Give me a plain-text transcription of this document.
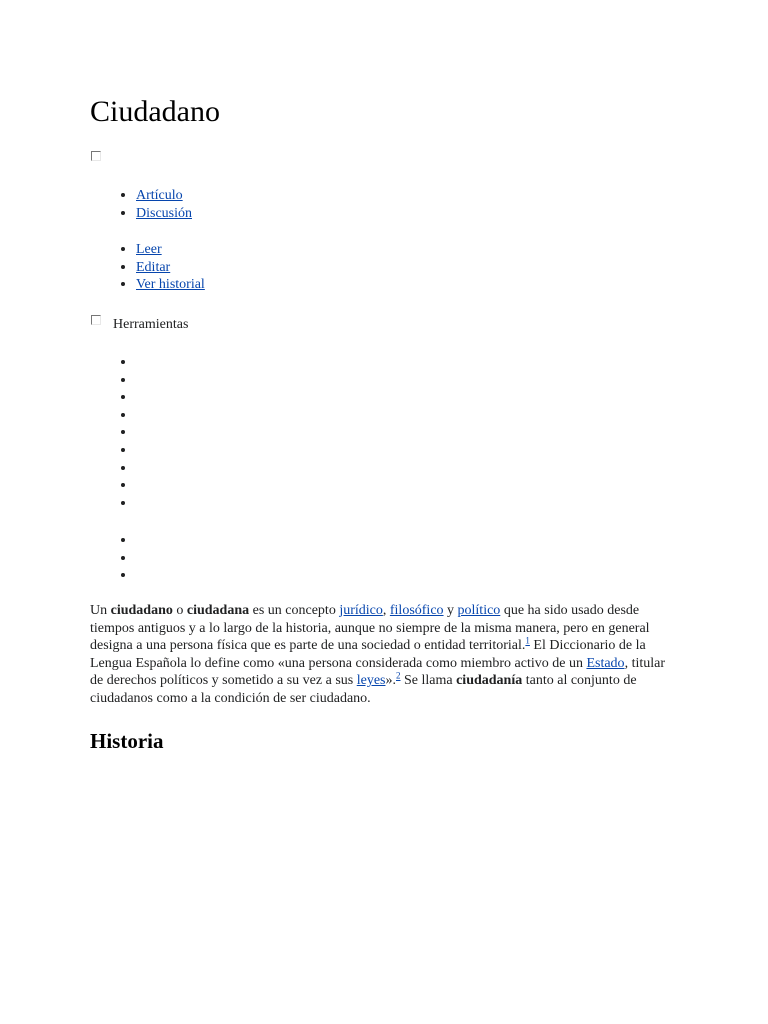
Ciudadano
• Artículo
• Discusión
• Leer
• Editar
• Ver historial
Herramientas

Un ciudadano o ciudadana es un concepto jurídico, filosófico y político que ha sido usado desde tiempos antiguos y a lo largo de la historia, aunque no siempre de la misma manera, pero en general designa a una persona física que es parte de una sociedad o entidad territorial.$^1$ El Diccionario de la Lengua Española lo define como «una persona considerada como miembro activo de un Estado, titular de derechos políticos y sometido a su vez a sus leyes».$^2$ Se llama ciudadanía tanto al conjunto de ciudadanos como a la condición de ser ciudadano.

Historia
